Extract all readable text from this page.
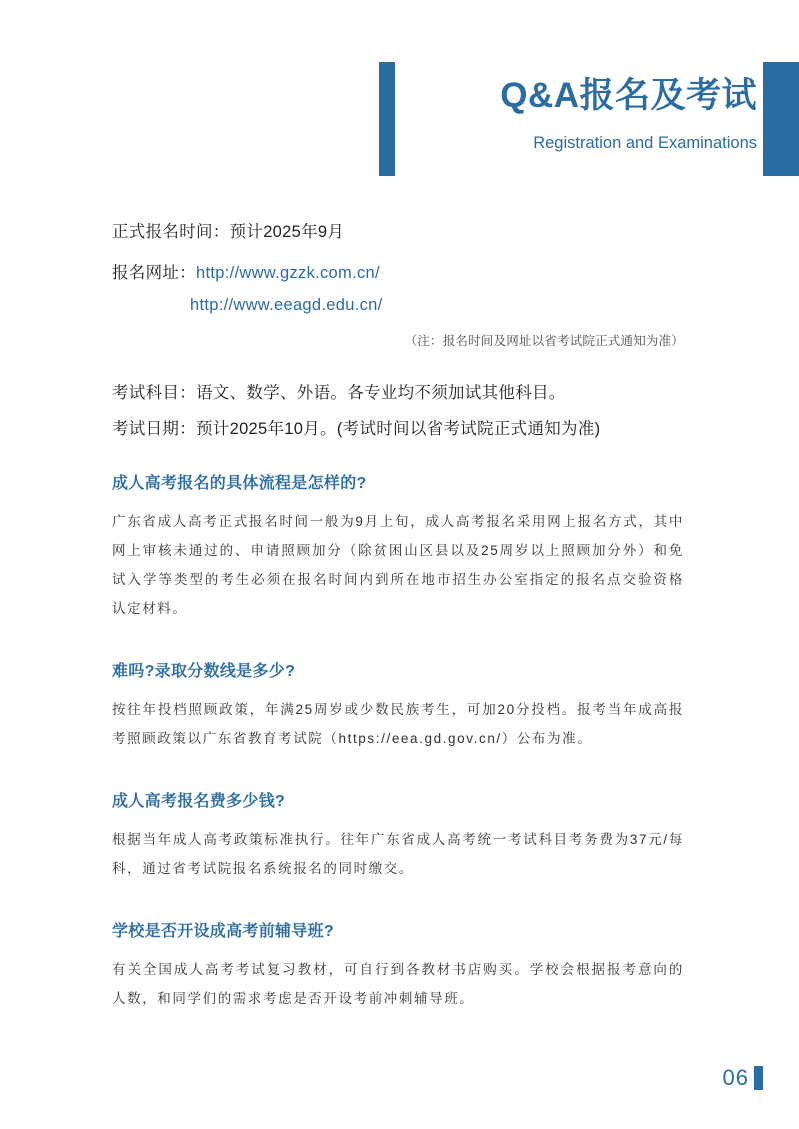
Q&A报名及考试
Registration and Examinations
正式报名时间：预计2025年9月
报名网址：http://www.gzzk.com.cn/
http://www.eeagd.edu.cn/
（注：报名时间及网址以省考试院正式通知为准）
考试科目：语文、数学、外语。各专业均不须加试其他科目。
考试日期：预计2025年10月。(考试时间以省考试院正式通知为准)
成人高考报名的具体流程是怎样的?
广东省成人高考正式报名时间一般为9月上旬，成人高考报名采用网上报名方式，其中网上审核未通过的、申请照顾加分（除贫困山区县以及25周岁以上照顾加分外）和免试入学等类型的考生必须在报名时间内到所在地市招生办公室指定的报名点交验资格认定材料。
难吗?录取分数线是多少?
按往年投档照顾政策，年满25周岁或少数民族考生，可加20分投档。报考当年成高报考照顾政策以广东省教育考试院（https://eea.gd.gov.cn/）公布为准。
成人高考报名费多少钱?
根据当年成人高考政策标准执行。往年广东省成人高考统一考试科目考务费为37元/每科，通过省考试院报名系统报名的同时缴交。
学校是否开设成高考前辅导班?
有关全国成人高考考试复习教材，可自行到各教材书店购买。学校会根据报考意向的人数，和同学们的需求考虑是否开设考前冲刺辅导班。
06
